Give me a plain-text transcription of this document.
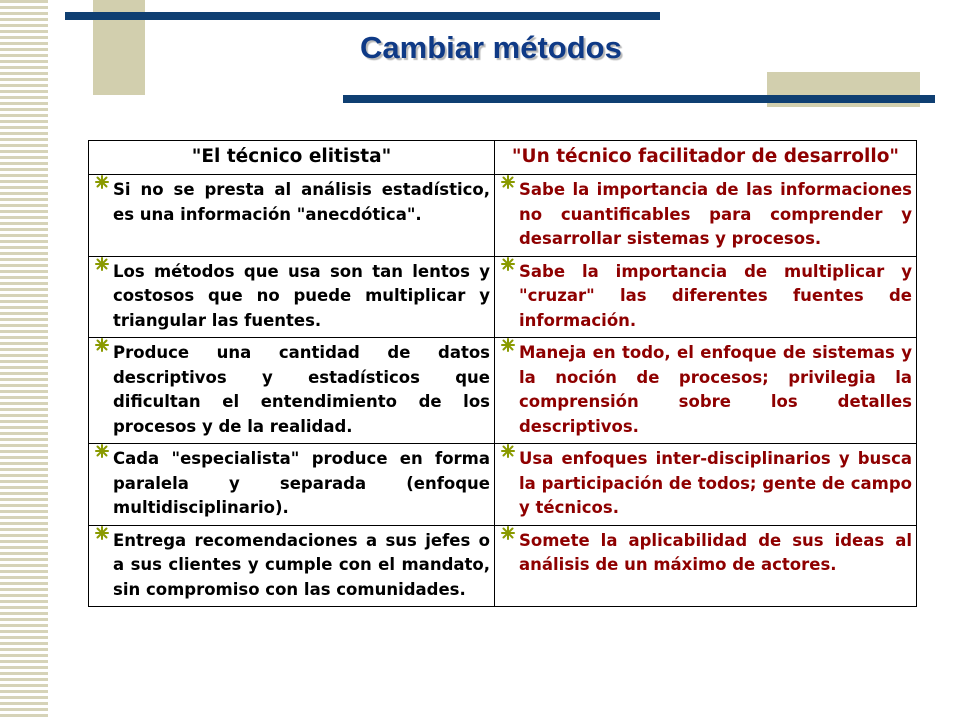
Cambiar métodos
"El técnico elitista"	"Un técnico facilitador de desarrollo"

Si no se presta al análisis estadístico, es una información "anecdótica".	Sabe la importancia de las informaciones no cuantificables para comprender y desarrollar sistemas y procesos.

Los métodos que usa son tan lentos y costosos que no puede multiplicar y triangular las fuentes.	Sabe la importancia de multiplicar y "cruzar" las diferentes fuentes de información.

Produce una cantidad de datos descriptivos y estadísticos que dificultan el entendimiento de los procesos y de la realidad.	Maneja en todo, el enfoque de sistemas y la noción de procesos; privilegia la comprensión sobre los detalles descriptivos.

Cada "especialista" produce en forma paralela y separada (enfoque multidisciplinario).	Usa enfoques inter-disciplinarios y busca la participación de todos; gente de campo y técnicos.

Entrega recomendaciones a sus jefes o a sus clientes y cumple con el mandato, sin compromiso con las comunidades.	Somete la aplicabilidad de sus ideas al análisis de un máximo de actores.
